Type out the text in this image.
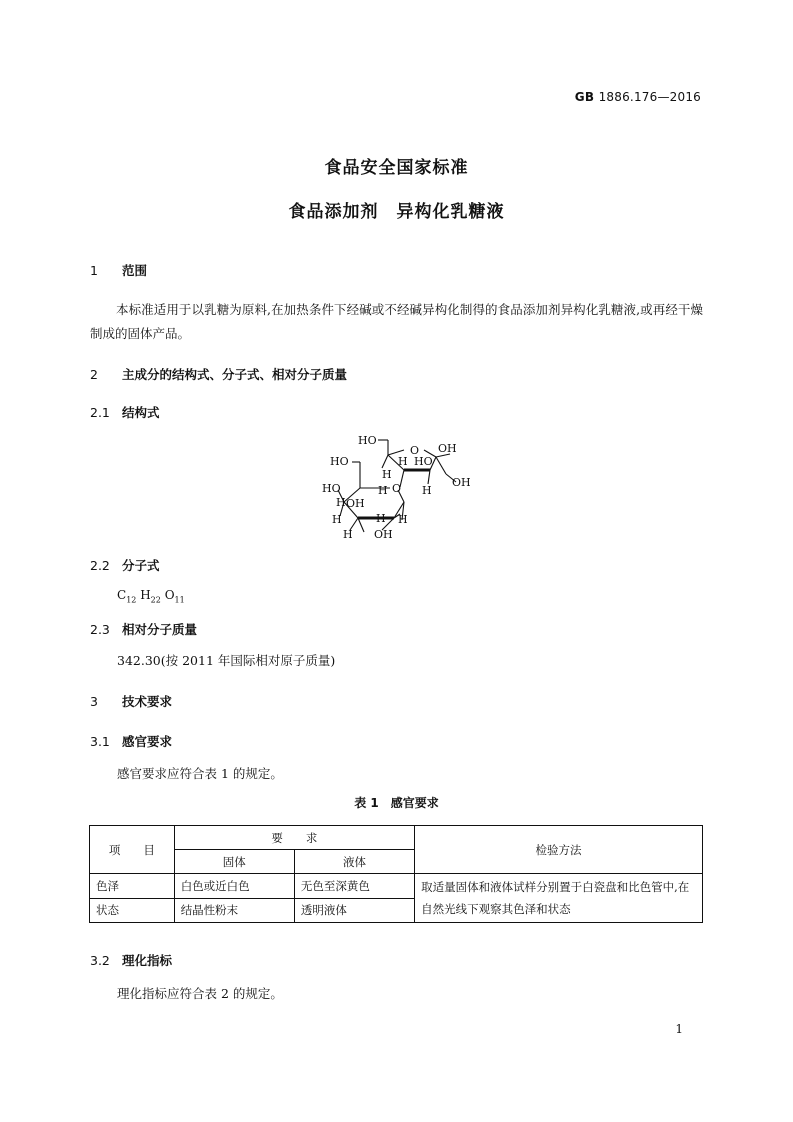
GB 1886.176—2016
食品安全国家标准
食品添加剂　异构化乳糖液
1 范围
本标准适用于以乳糖为原料,在加热条件下经碱或不经碱异构化制得的食品添加剂异构化乳糖液,或再经干燥制成的固体产品。
2 主成分的结构式、分子式、相对分子质量
2.1 结构式
HO
O OH
HO	H HO
H
OH
H
HO	H O
H OH
H
H	H
H OH
2.2 分子式
$C_{12}$ $H_{22}$ $O_{11}$
2.3 相对分子质量
342.30(按 2011 年国际相对原子质量)
3 技术要求
3.1 感官要求
感官要求应符合表 1 的规定。
表 1　感官要求
项　　目	要　　求		检验方法
	固体	液体	
色泽	白色或近白色	无色至深黄色	取适量固体和液体试样分别置于白瓷盘和比色管中,在自然光线下观察其色泽和状态
状态	结晶性粉末	透明液体	
3.2 理化指标
理化指标应符合表 2 的规定。
1
